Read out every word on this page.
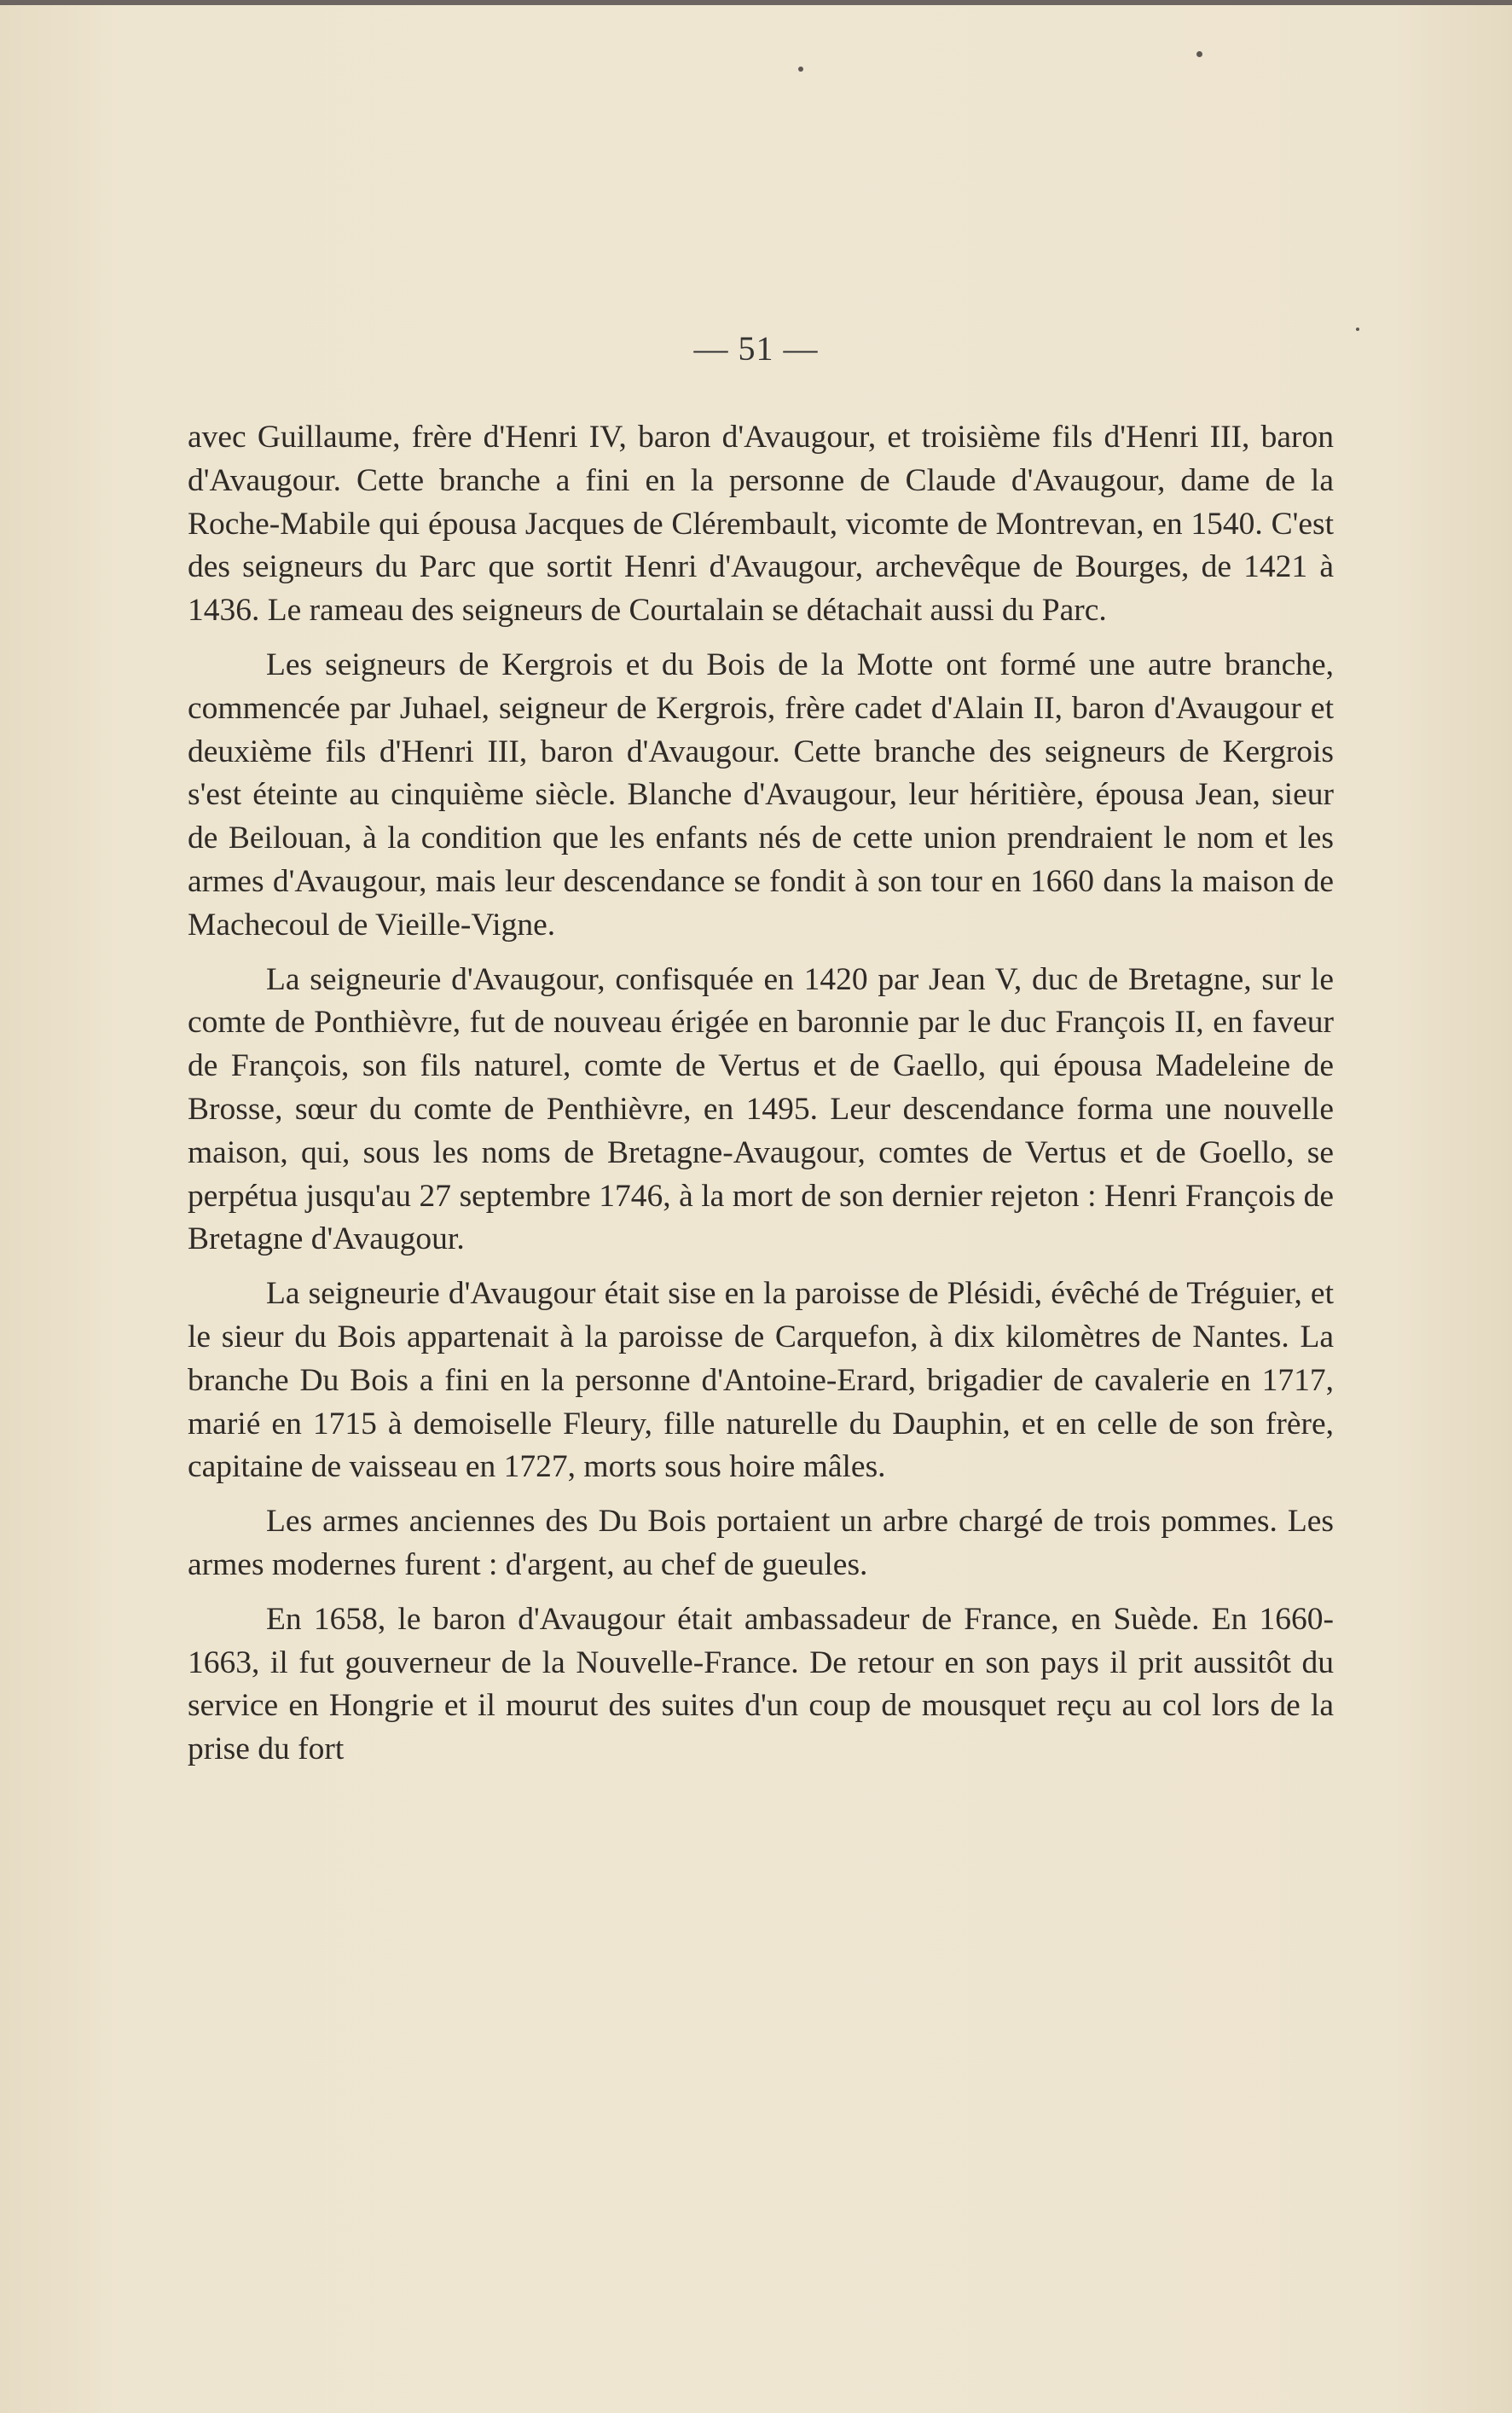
— 51 —

avec Guillaume, frère d'Henri IV, baron d'Avaugour, et troisième fils d'Henri III, baron d'Avaugour. Cette branche a fini en la personne de Claude d'Avaugour, dame de la Roche-Mabile qui épousa Jacques de Clérembault, vicomte de Montrevan, en 1540. C'est des seigneurs du Parc que sortit Henri d'Avaugour, archevêque de Bourges, de 1421 à 1436. Le rameau des seigneurs de Courtalain se détachait aussi du Parc.

Les seigneurs de Kergrois et du Bois de la Motte ont formé une autre branche, commencée par Juhael, seigneur de Kergrois, frère cadet d'Alain II, baron d'Avaugour et deuxième fils d'Henri III, baron d'Avaugour. Cette branche des seigneurs de Kergrois s'est éteinte au cinquième siècle. Blanche d'Avaugour, leur héritière, épousa Jean, sieur de Beilouan, à la condition que les enfants nés de cette union prendraient le nom et les armes d'Avaugour, mais leur descendance se fondit à son tour en 1660 dans la maison de Machecoul de Vieille-Vigne.

La seigneurie d'Avaugour, confisquée en 1420 par Jean V, duc de Bretagne, sur le comte de Ponthièvre, fut de nouveau érigée en baronnie par le duc François II, en faveur de François, son fils naturel, comte de Vertus et de Gaello, qui épousa Madeleine de Brosse, sœur du comte de Penthièvre, en 1495. Leur descendance forma une nouvelle maison, qui, sous les noms de Bretagne-Avaugour, comtes de Vertus et de Goello, se perpétua jusqu'au 27 septembre 1746, à la mort de son dernier rejeton : Henri François de Bretagne d'Avaugour.

La seigneurie d'Avaugour était sise en la paroisse de Plésidi, évêché de Tréguier, et le sieur du Bois appartenait à la paroisse de Carquefon, à dix kilomètres de Nantes. La branche Du Bois a fini en la personne d'Antoine-Erard, brigadier de cavalerie en 1717, marié en 1715 à demoiselle Fleury, fille naturelle du Dauphin, et en celle de son frère, capitaine de vaisseau en 1727, morts sous hoire mâles.

Les armes anciennes des Du Bois portaient un arbre chargé de trois pommes. Les armes modernes furent : d'argent, au chef de gueules.

En 1658, le baron d'Avaugour était ambassadeur de France, en Suède. En 1660-1663, il fut gouverneur de la Nouvelle-France. De retour en son pays il prit aussitôt du service en Hongrie et il mourut des suites d'un coup de mousquet reçu au col lors de la prise du fort
